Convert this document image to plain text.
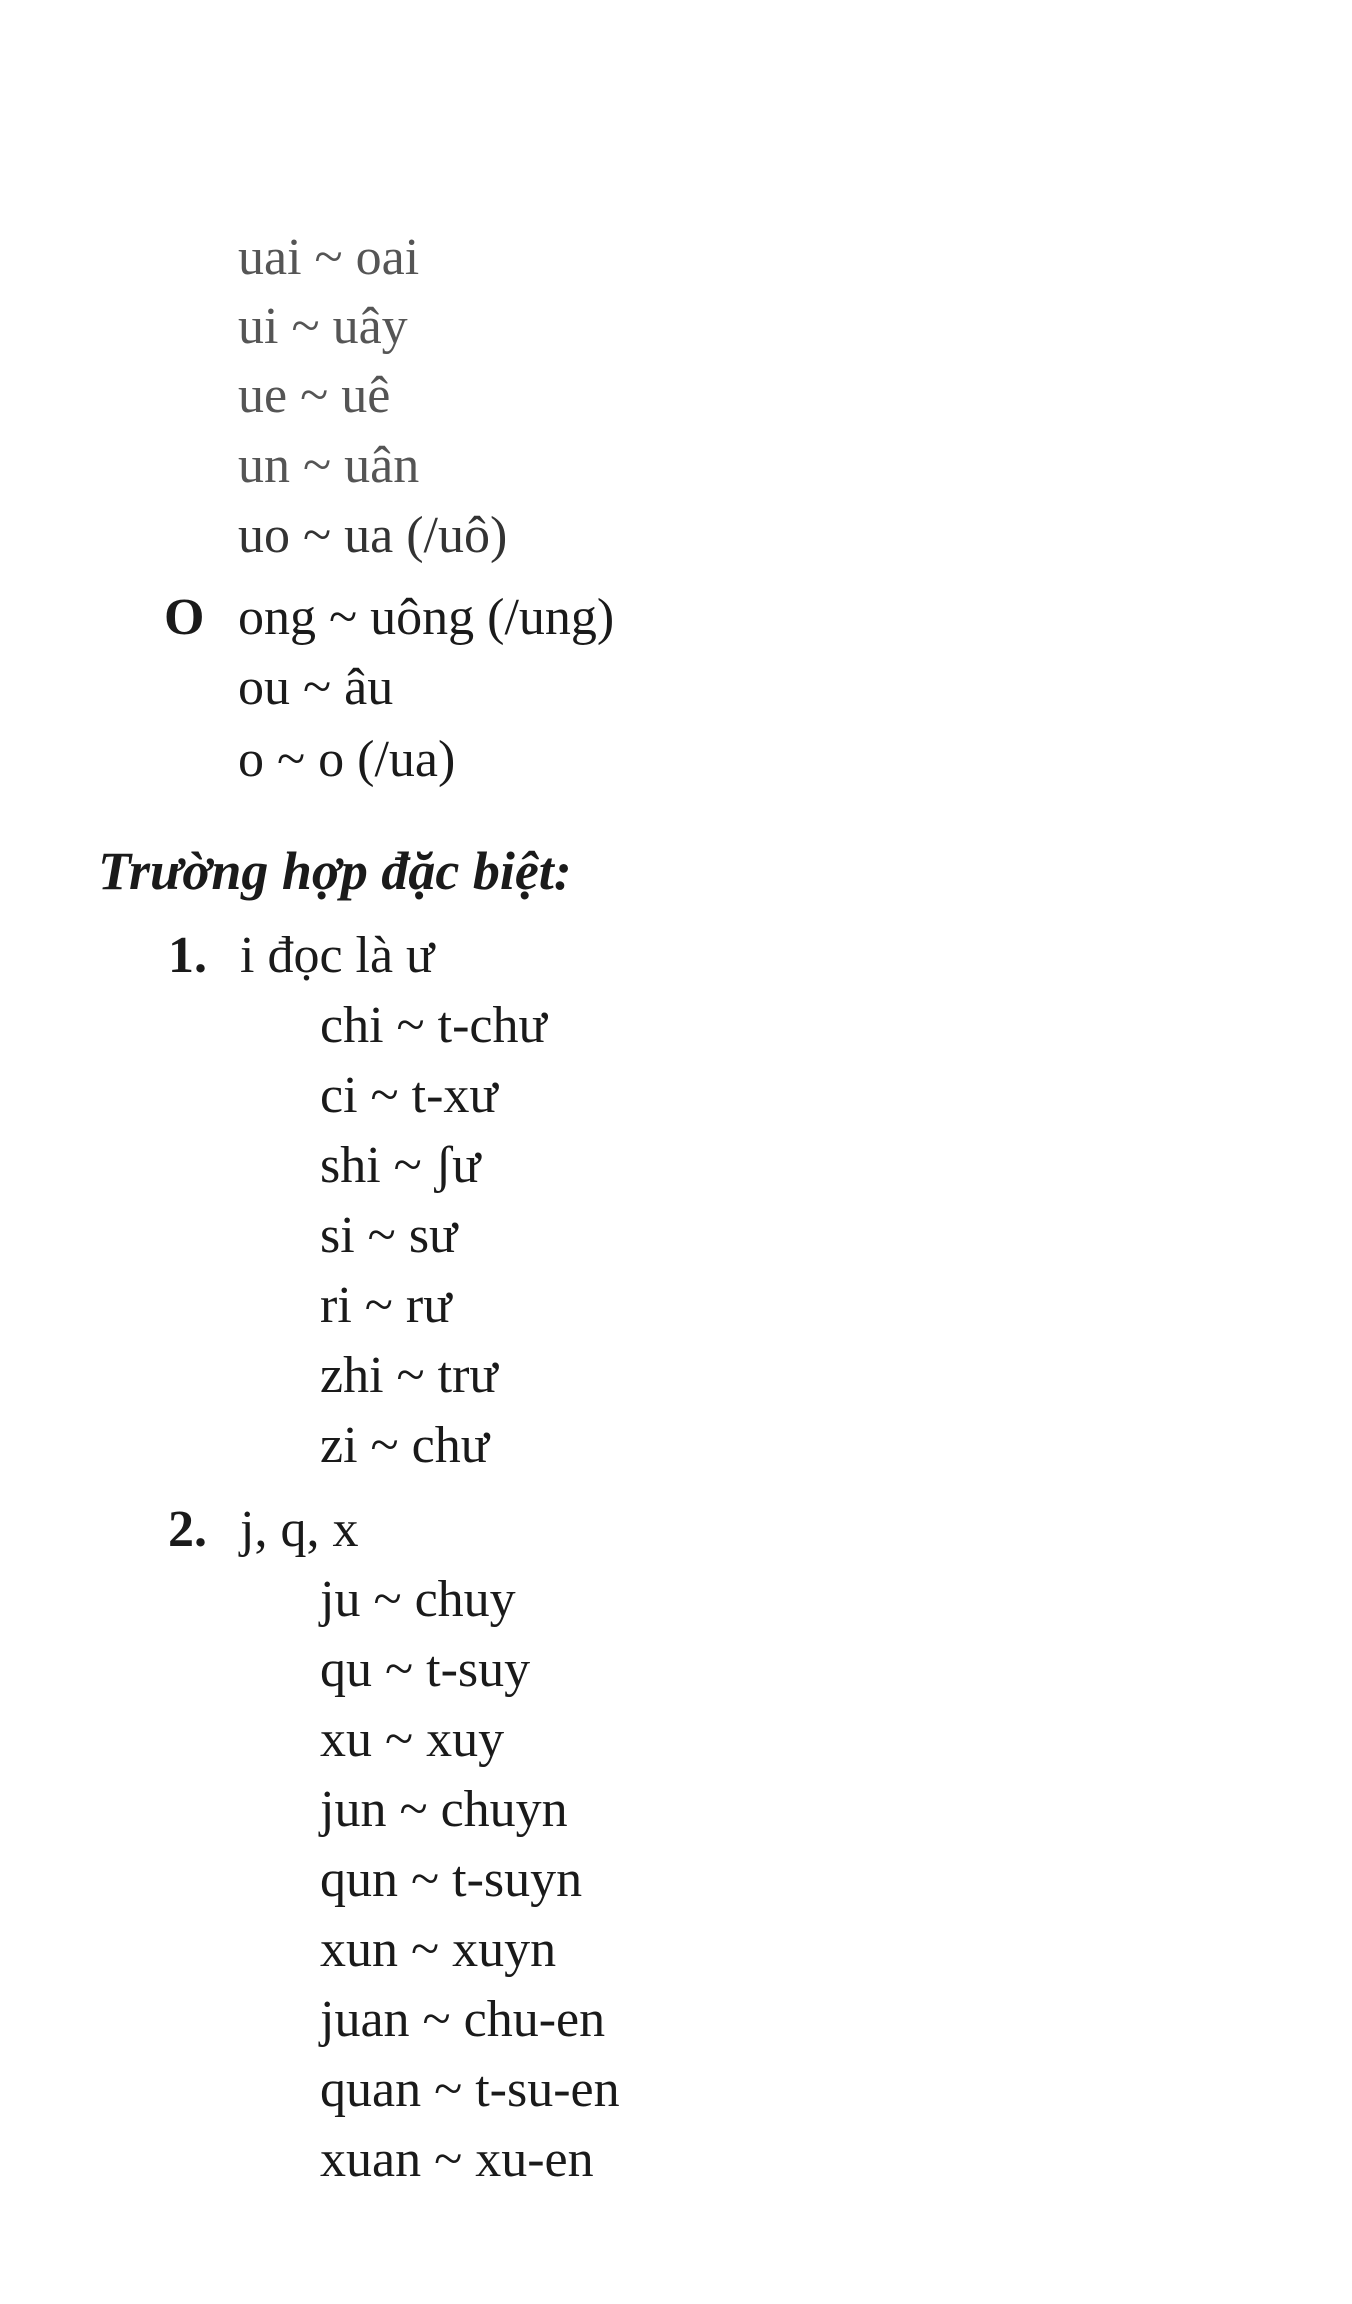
uai ~ oai
ui ~ uây
ue ~ uê
un ~ uân
uo ~ ua (/uô)
O ong ~ uông (/ung)
ou ~ âu
o ~ o (/ua)
Trường hợp đặc biệt:
1. i đọc là ư
chi ~ t-chư
ci ~ t-xư
shi ~ ʃư
si ~ sư
ri ~ rư
zhi ~ trư
zi ~ chư
2. j, q, x
ju ~ chuy
qu ~ t-suy
xu ~ xuy
jun ~ chuyn
qun ~ t-suyn
xun ~ xuyn
juan ~ chu-en
quan ~ t-su-en
xuan ~ xu-en
